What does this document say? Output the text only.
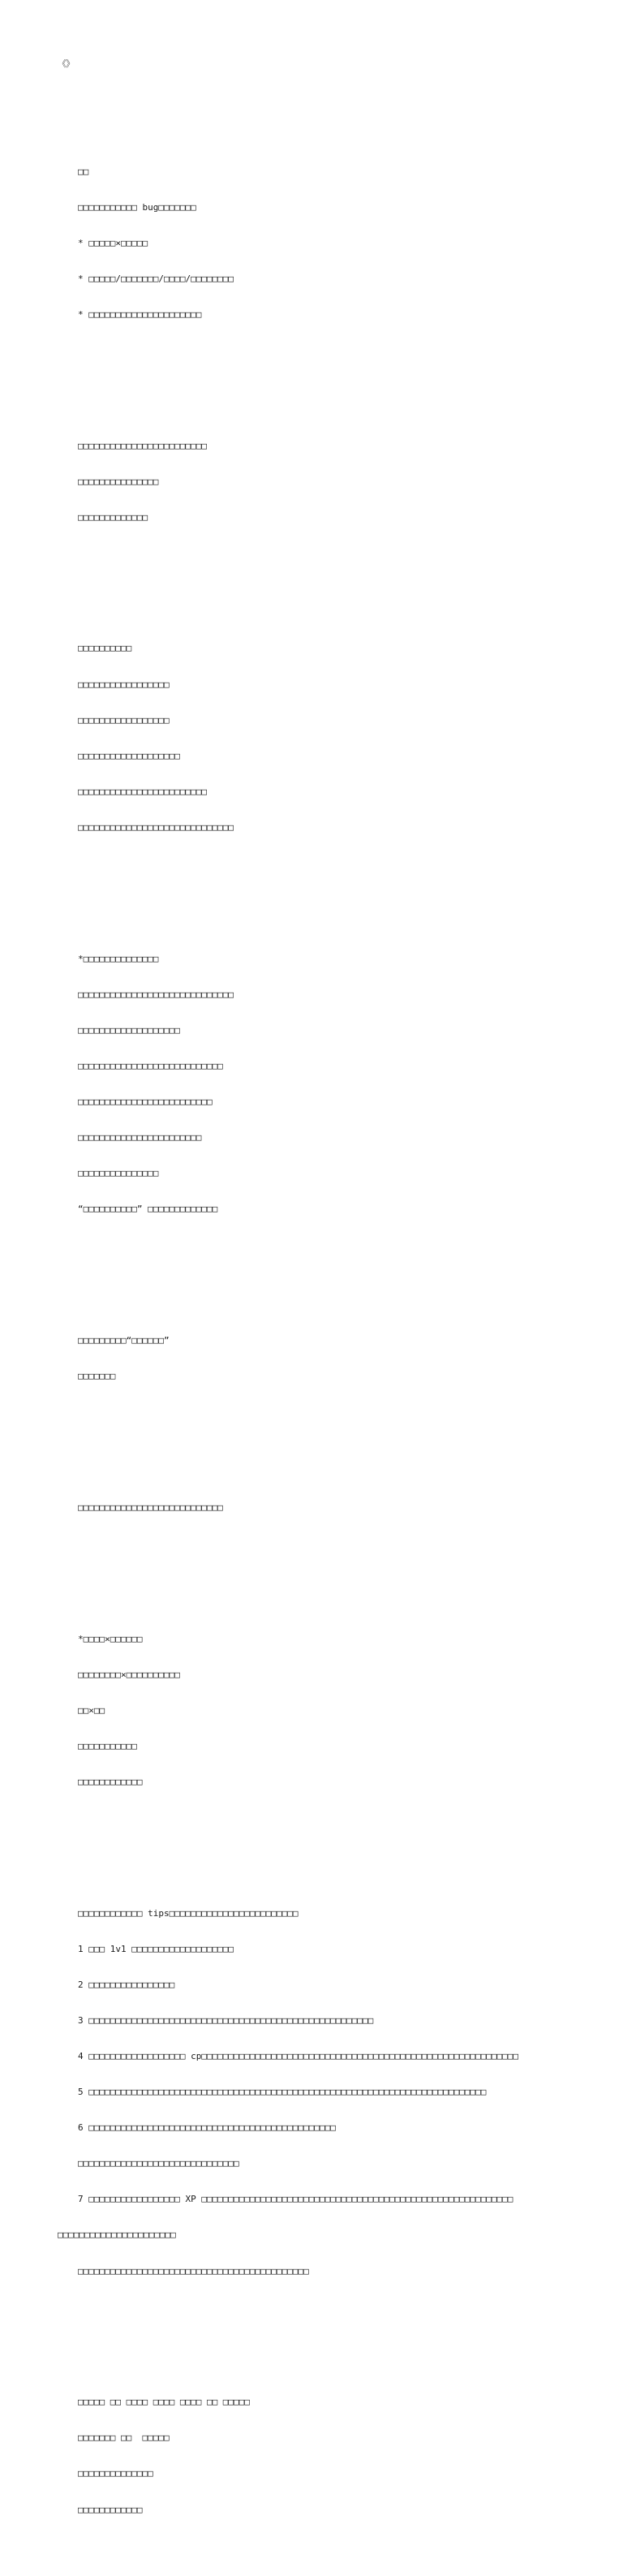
《》

□□

□□□□□□□□□□□ bug□□□□□□□

* □□□□□×□□□□□

* □□□□□/□□□□□□□/□□□□/□□□□□□□□

* □□□□□□□□□□□□□□□□□□□□□

□□□□□□□□□□□□□□□□□□□□□□□□

□□□□□□□□□□□□□□□

□□□□□□□□□□□□□

□□□□□□□□□□

□□□□□□□□□□□□□□□□□

□□□□□□□□□□□□□□□□□

□□□□□□□□□□□□□□□□□□□

□□□□□□□□□□□□□□□□□□□□□□□□

□□□□□□□□□□□□□□□□□□□□□□□□□□□□□

*□□□□□□□□□□□□□□

□□□□□□□□□□□□□□□□□□□□□□□□□□□□□

□□□□□□□□□□□□□□□□□□□

□□□□□□□□□□□□□□□□□□□□□□□□□□□

□□□□□□□□□□□□□□□□□□□□□□□□□

□□□□□□□□□□□□□□□□□□□□□□□

□□□□□□□□□□□□□□□

“□□□□□□□□□□” □□□□□□□□□□□□□

□□□□□□□□□“□□□□□□”

□□□□□□□

□□□□□□□□□□□□□□□□□□□□□□□□□□□

*□□□□×□□□□□□

□□□□□□□□×□□□□□□□□□□

□□×□□

□□□□□□□□□□□

□□□□□□□□□□□□

□□□□□□□□□□□□ tips□□□□□□□□□□□□□□□□□□□□□□□□

1 □□□ 1v1 □□□□□□□□□□□□□□□□□□□

2 □□□□□□□□□□□□□□□□

3 □□□□□□□□□□□□□□□□□□□□□□□□□□□□□□□□□□□□□□□□□□□□□□□□□□□□□

4 □□□□□□□□□□□□□□□□□□ cp□□□□□□□□□□□□□□□□□□□□□□□□□□□□□□□□□□□□□□□□□□□□□□□□□□□□□□□□□□□

5 □□□□□□□□□□□□□□□□□□□□□□□□□□□□□□□□□□□□□□□□□□□□□□□□□□□□□□□□□□□□□□□□□□□□□□□□□□

6 □□□□□□□□□□□□□□□□□□□□□□□□□□□□□□□□□□□□□□□□□□□□□□

□□□□□□□□□□□□□□□□□□□□□□□□□□□□□□

7 □□□□□□□□□□□□□□□□□ XP □□□□□□□□□□□□□□□□□□□□□□□□□□□□□□□□□□□□□□□□□□□□□□□□□□□□□□□□□□

□□□□□□□□□□□□□□□□□□□□□□

□□□□□□□□□□□□□□□□□□□□□□□□□□□□□□□□□□□□□□□□□□□

□□□□□ □□ □□□□ □□□□ □□□□ □□ □□□□□

□□□□□□□ □□  □□□□□

□□□□□□□□□□□□□□

□□□□□□□□□□□□
